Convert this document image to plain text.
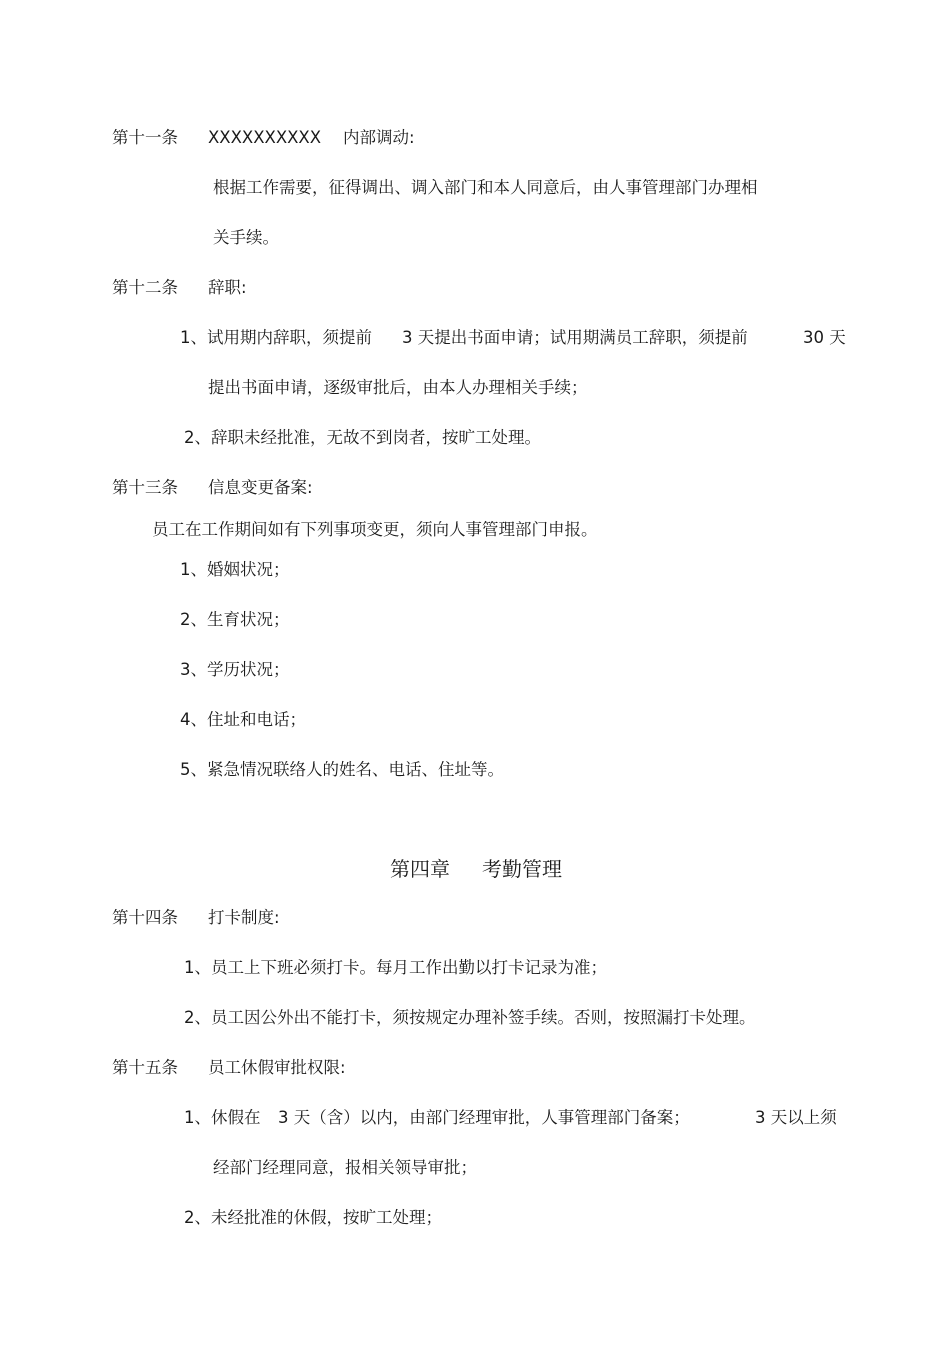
第十一条 XXXXXXXXXX 内部调动:
根据工作需要，征得调出、调入部门和本人同意后，由人事管理部门办理相
关手续。
第十二条 辞职:
1、试用期内辞职，须提前 3 天提出书面申请；试用期满员工辞职，须提前	30 天
提出书面申请，逐级审批后，由本人办理相关手续；
2、辞职未经批准，无故不到岗者，按旷工处理。
第十三条 信息变更备案:
员工在工作期间如有下列事项变更，须向人事管理部门申报。
1、婚姻状况；
2、生育状况；
3、学历状况；
4、住址和电话；
5、紧急情况联络人的姓名、电话、住址等。
第四章 考勤管理
第十四条 打卡制度:
1、员工上下班必须打卡。每月工作出勤以打卡记录为准；
2、员工因公外出不能打卡，须按规定办理补签手续。否则，按照漏打卡处理。
第十五条 员工休假审批权限:
1、休假在 3 天（含）以内，由部门经理审批，人事管理部门备案；	3 天以上须
经部门经理同意，报相关领导审批；
2、未经批准的休假，按旷工处理；
